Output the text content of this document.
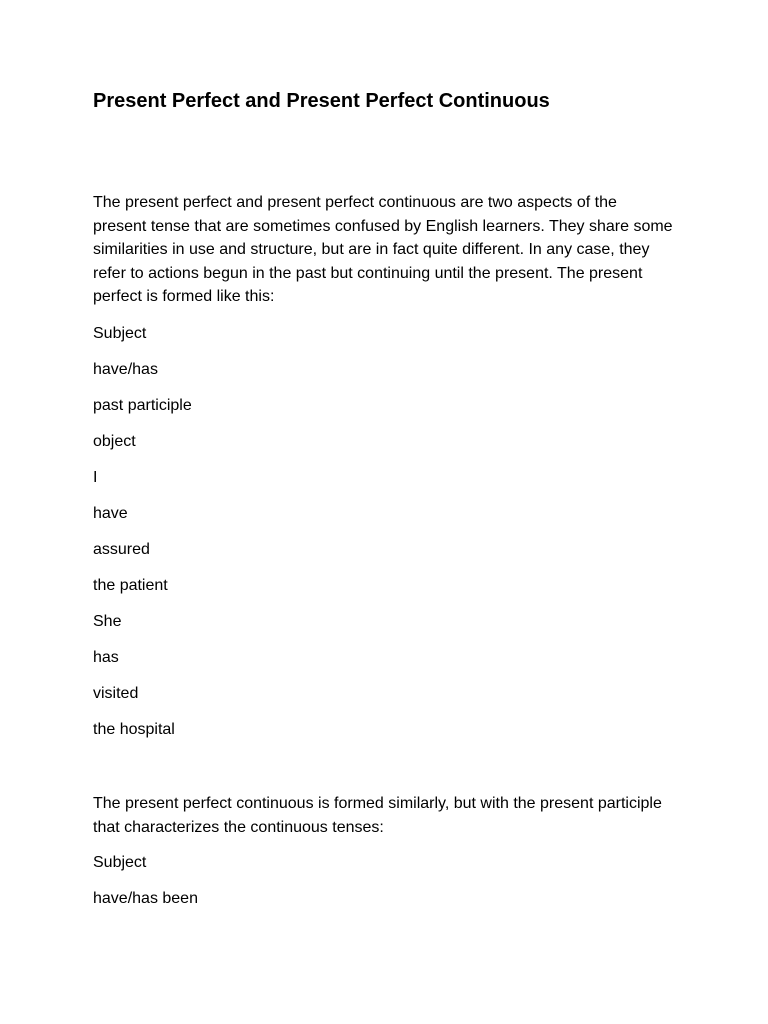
Present Perfect and Present Perfect Continuous

The present perfect and present perfect continuous are two aspects of the present tense that are sometimes confused by English learners. They share some similarities in use and structure, but are in fact quite different. In any case, they refer to actions begun in the past but continuing until the present. The present perfect is formed like this:

Subject
have/has
past participle
object
I
have
assured
the patient
She
has
visited
the hospital

The present perfect continuous is formed similarly, but with the present participle that characterizes the continuous tenses:

Subject
have/has been
